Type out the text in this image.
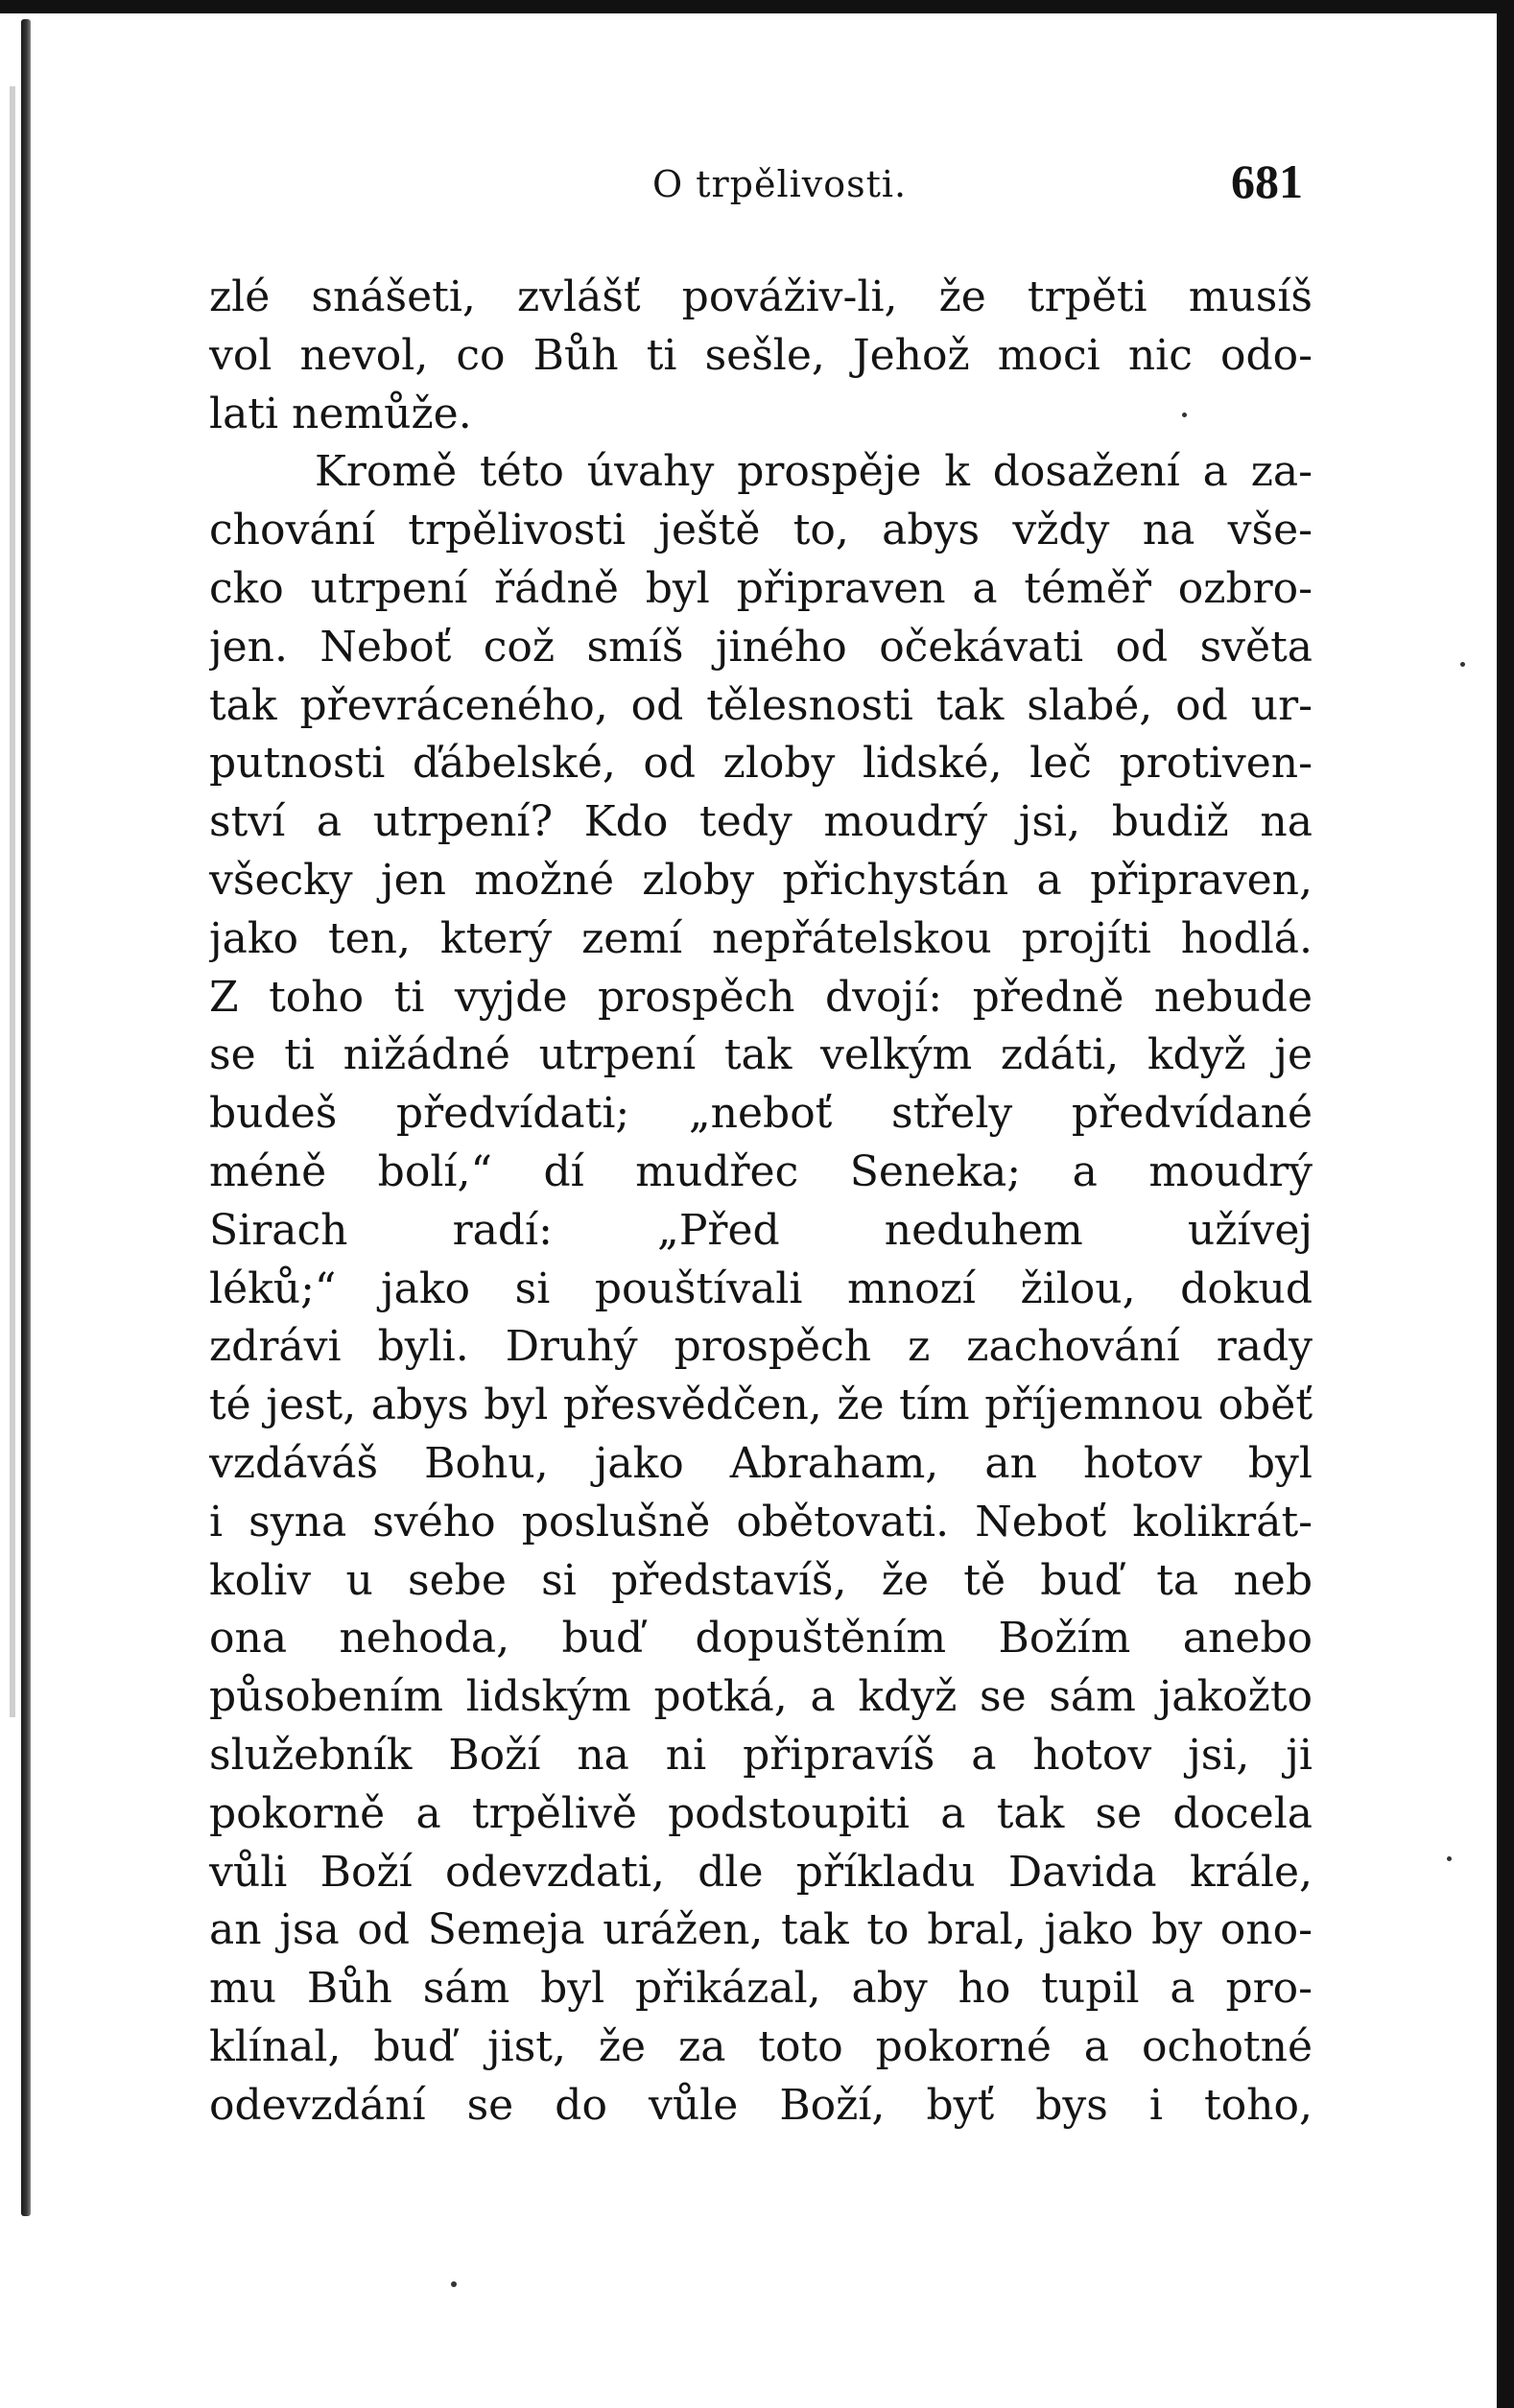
O trpělivosti.	681
zlé snášeti, zvlášť pováživ-li, že trpěti musíš
vol nevol, co Bůh ti sešle, Jehož moci nic odo-
lati nemůže.
Kromě této úvahy prospěje k dosažení a za-
chování trpělivosti ještě to, abys vždy na vše-
cko utrpení řádně byl připraven a téměř ozbro-
jen. Neboť což smíš jiného očekávati od světa
tak převráceného, od tělesnosti tak slabé, od ur-
putnosti ďábelské, od zloby lidské, leč protiven-
ství a utrpení? Kdo tedy moudrý jsi, budiž na
všecky jen možné zloby přichystán a připraven,
jako ten, který zemí nepřátelskou projíti hodlá.
Z toho ti vyjde prospěch dvojí: předně nebude
se ti nižádné utrpení tak velkým zdáti, když je
budeš předvídati; „neboť střely předvídané
méně bolí,“ dí mudřec Seneka; a moudrý
Sirach radí: „Před neduhem užívej
léků;“ jako si pouštívali mnozí žilou, dokud
zdrávi byli. Druhý prospěch z zachování rady
té jest, abys byl přesvědčen, že tím příjemnou oběť
vzdáváš Bohu, jako Abraham, an hotov byl
i syna svého poslušně obětovati. Neboť kolikrát-
koliv u sebe si představíš, že tě buď ta neb
ona nehoda, buď dopuštěním Božím anebo
působením lidským potká, a když se sám jakožto
služebník Boží na ni připravíš a hotov jsi, ji
pokorně a trpělivě podstoupiti a tak se docela
vůli Boží odevzdati, dle příkladu Davida krále,
an jsa od Semeja urážen, tak to bral, jako by ono-
mu Bůh sám byl přikázal, aby ho tupil a pro-
klínal, buď jist, že za toto pokorné a ochotné
odevzdání se do vůle Boží, byť bys i toho,
